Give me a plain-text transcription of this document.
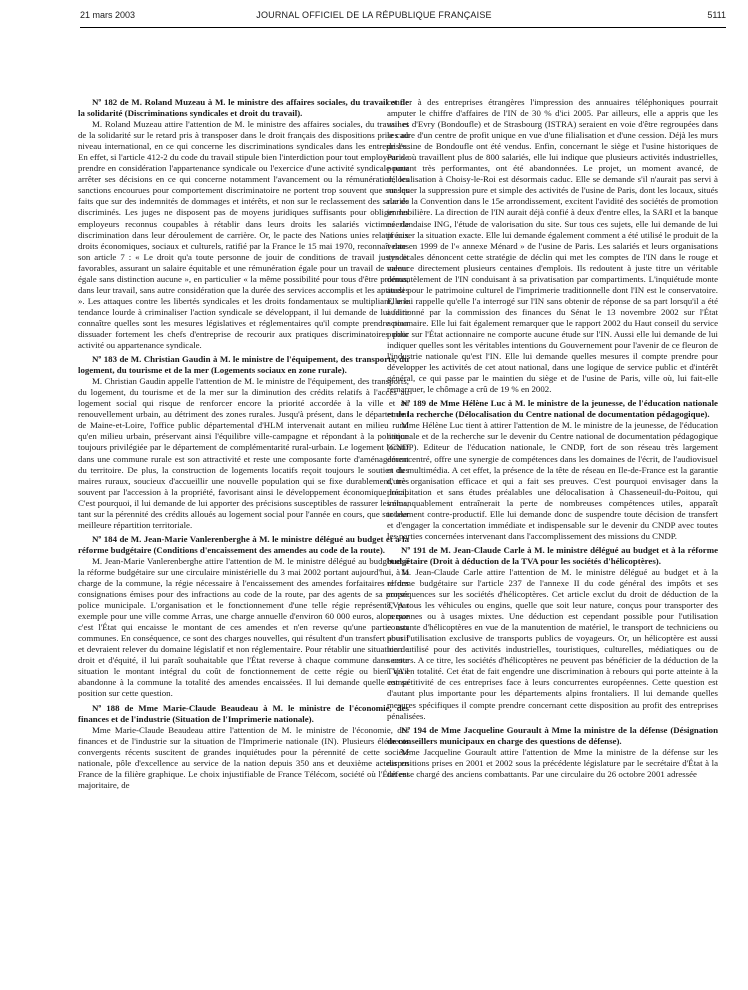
21 mars 2003	JOURNAL OFFICIEL DE LA RÉPUBLIQUE FRANÇAISE	5111

Nº 182 de M. Roland Muzeau à M. le ministre des affaires sociales, du travail et de la solidarité (Discriminations syndicales et droit du travail).

M. Roland Muzeau attire l'attention de M. le ministre des affaires sociales, du travail et de la solidarité sur le retard pris à transposer dans le droit français des dispositions prises au niveau international, en ce qui concerne les discriminations syndicales dans les entreprises. En effet, si l'article 412-2 du code du travail stipule bien l'interdiction pour tout employeur de prendre en considération l'appartenance syndicale ou l'exercice d'une activité syndicale pour arrêter ses décisions en ce qui concerne notamment l'avancement ou la rémunération, les sanctions encourues pour comportement discriminatoire ne portent trop souvent que sur les faits que sur des indemnités de dommages et intérêts, et non sur le reclassement des salariés discriminés. Les juges ne disposent pas de moyens juridiques suffisants pour obliger les employeurs reconnus coupables à rétablir dans leurs droits les salariés victimes de discrimination dans leur déroulement de carrière. Or, le pacte des Nations unies relatif aux droits économiques, sociaux et culturels, ratifié par la France le 15 mai 1970, reconnaît dans son article 7 : « Le droit qu'a toute personne de jouir de conditions de travail justes et favorables, assurant un salaire équitable et une rémunération égale pour un travail de valeur égale sans distinction aucune », en particulier « la même possibilité pour tous d'être promus, dans leur travail, sans autre considération que la durée des services accomplis et les aptitudes ». Les attaques contre les libertés syndicales et les droits fondamentaux se multipliant, une tendance lourde à criminaliser l'action syndicale se développant, il lui demande de lui faire connaître quelles sont les mesures législatives et réglementaires qu'il compte prendre pour dissuader fortement les chefs d'entreprise de recourir aux pratiques discriminatoires pour activité ou appartenance syndicale.

Nº 183 de M. Christian Gaudin à M. le ministre de l'équipement, des transports, du logement, du tourisme et de la mer (Logements sociaux en zone rurale).

M. Christian Gaudin appelle l'attention de M. le ministre de l'équipement, des transports, du logement, du tourisme et de la mer sur la diminution des crédits relatifs à l'accès au logement social qui risque de renforcer encore la priorité accordée à la ville et au renouvellement urbain, au détriment des zones rurales. Jusqu'à présent, dans le département de Maine-et-Loire, l'office public départemental d'HLM intervenait autant en milieu rural qu'en milieu urbain, préservant ainsi l'équilibre ville-campagne et répondant à la politique toujours privilégiée par le département de complémentarité rural-urbain. Le logement locatif dans une commune rurale est son attractivité et reste une composante forte d'aménagement du territoire. De plus, la construction de logements locatifs reçoit toujours le soutien des maires ruraux, soucieux d'accueillir une nouvelle population qui se fixe durablement, très souvent par l'accession à la propriété, favorisant ainsi le développement économique local. C'est pourquoi, il lui demande de lui apporter des précisions susceptibles de rassurer les élus, tant sur la pérennité des crédits alloués au logement social pour l'année en cours, que sur leur meilleure répartition territoriale.

Nº 184 de M. Jean-Marie Vanlerenberghe à M. le ministre délégué au budget et à la réforme budgétaire (Conditions d'encaissement des amendes au code de la route).

M. Jean-Marie Vanlerenberghe attire l'attention de M. le ministre délégué au budget et à la réforme budgétaire sur une circulaire ministérielle du 3 mai 2002 portant aujourd'hui, à la charge de la commune, la régie nécessaire à l'encaissement des amendes forfaitaires et des consignations émises pour des infractions au code de la route, par des agents de sa propre police municipale. L'organisation et le fonctionnement d'une telle régie représente, par exemple pour une ville comme Arras, une charge annuelle d'environ 60 000 euros, alors que c'est l'État qui encaisse le montant de ces amendes et n'en reverse qu'une partie aux communes. En conséquence, ce sont des charges nouvelles, qui résultent d'un transfert abusif et devraient relever du domaine législatif et non réglementaire. Pour rétablir une situation de droit et d'équité, il lui paraît souhaitable que l'État reverse à chaque commune dans cette situation le montant intégral du coût de fonctionnement de cette régie ou bien qu'il abandonne à la commune la totalité des amendes encaissées. Il lui demande quelle est sa position sur cette question.

Nº 188 de Mme Marie-Claude Beaudeau à M. le ministre de l'économie, des finances et de l'industrie (Situation de l'Imprimerie nationale).

Mme Marie-Claude Beaudeau attire l'attention de M. le ministre de l'économie, des finances et de l'industrie sur la situation de l'Imprimerie nationale (IN). Plusieurs éléments convergents récents suscitent de grandes inquiétudes pour la pérennité de cette société nationale, pôle d'excellence au service de la nation depuis 350 ans et deuxième acteur en France de la filière graphique. Le choix injustifiable de France Télécom, société où l'État est majoritaire, de

confier à des entreprises étrangères l'impression des annuaires téléphoniques pourrait amputer le chiffre d'affaires de l'IN de 30 % d'ici 2005. Par ailleurs, elle a appris que les usines d'Evry (Bondoufle) et de Strasbourg (ISTRA) seraient en voie d'être regroupées dans le cadre d'un centre de profit unique en vue d'une filialisation et d'une cession. Déjà les murs de l'usine de Bondoufle ont été vendus. Enfin, concernant le siège et l'usine historiques de Paris où travaillent plus de 800 salariés, elle lui indique que plusieurs activités industrielles, pourtant très performantes, ont été abandonnées. Le projet, un moment avancé, de délocalisation à Choisy-le-Roi est désormais caduc. Elle se demande s'il n'aurait pas servi à masquer la suppression pure et simple des activités de l'usine de Paris, dont les locaux, situés rue de la Convention dans le 15e arrondissement, excitent l'avidité des sociétés de promotion immobilière. La direction de l'IN aurait déjà confié à deux d'entre elles, la SARI et la banque néerlandaise ING, l'étude de valorisation du site. Sur tous ces sujets, elle lui demande de lui préciser la situation exacte. Elle lui demande également comment a été utilisé le produit de la vente en 1999 de l'« annexe Ménard » de l'usine de Paris. Les salariés et leurs organisations syndicales dénoncent cette stratégie de déclin qui met les comptes de l'IN dans le rouge et menace directement plusieurs centaines d'emplois. Ils redoutent à juste titre un véritable démantèlement de l'IN conduisant à sa privatisation par compartiments. L'inquiétude monte aussi pour le patrimoine culturel de l'imprimerie traditionnelle dont l'IN est le conservatoire. Elle lui rappelle qu'elle l'a interrogé sur l'IN sans obtenir de réponse de sa part lorsqu'il a été auditionné par la commission des finances du Sénat le 13 novembre 2002 sur l'État actionnaire. Elle lui fait également remarquer que le rapport 2002 du Haut conseil du service public sur l'État actionnaire ne comporte aucune étude sur l'IN. Aussi elle lui demande de lui indiquer quelles sont les véritables intentions du Gouvernement pour l'avenir de ce fleuron de l'industrie nationale qu'est l'IN. Elle lui demande quelles mesures il compte prendre pour développer les activités de cet atout national, dans une logique de service public et d'intérêt général, ce qui passe par le maintien du siège et de l'usine de Paris, ville où, lui fait-elle remarquer, le chômage a crû de 19 % en 2002.

Nº 189 de Mme Hélène Luc à M. le ministre de la jeunesse, de l'éducation nationale et de la recherche (Délocalisation du Centre national de documentation pédagogique).

Mme Hélène Luc tient à attirer l'attention de M. le ministre de la jeunesse, de l'éducation nationale et de la recherche sur le devenir du Centre national de documentation pédagogique (CNDP). Editeur de l'éducation nationale, le CNDP, fort de son réseau très largement déconcentré, offre une synergie de compétences dans les domaines de l'écrit, de l'audiovisuel et du multimédia. A cet effet, la présence de la tête de réseau en Ile-de-France est la garantie d'une organisation efficace et qui a fait ses preuves. C'est pourquoi envisager dans la précipitation et sans études préalables une délocalisation à Chasseneuil-du-Poitou, qui immanquablement entraînerait la perte de nombreuses compétences utiles, apparaît totalement contre-productif. Elle lui demande donc de suspendre toute décision de transfert et d'engager la concertation immédiate et indispensable sur le devenir du CNDP avec toutes les parties concernées intervenant dans l'accomplissement des missions du CNDP.

Nº 191 de M. Jean-Claude Carle à M. le ministre délégué au budget et à la réforme budgétaire (Droit à déduction de la TVA pour les sociétés d'hélicoptères).

M. Jean-Claude Carle attire l'attention de M. le ministre délégué au budget et à la réforme budgétaire sur l'article 237 de l'annexe II du code général des impôts et ses conséquences sur les sociétés d'hélicoptères. Cet article exclut du droit de déduction de la TVA tous les véhicules ou engins, quelle que soit leur nature, conçus pour transporter des personnes ou à usages mixtes. Une déduction est cependant possible pour l'utilisation constante d'hélicoptères en vue de la manutention de matériel, le transport de techniciens ou pour l'utilisation exclusive de transports publics de voyageurs. Or, un hélicoptère est aussi bien utilisé pour des activités industrielles, touristiques, culturelles, médiatiques ou de secours. A ce titre, les sociétés d'hélicoptères ne peuvent pas bénéficier de la déduction de la TVA en totalité. Cet état de fait engendre une discrimination à rebours qui porte atteinte à la compétitivité de ces entreprises face à leurs concurrentes européennes. Cette question est d'autant plus importante pour les départements alpins frontaliers. Il lui demande quelles mesures spécifiques il compte prendre concernant cette disposition au profit des entreprises pénalisées.

Nº 194 de Mme Jacqueline Gourault à Mme la ministre de la défense (Désignation de conseillers municipaux en charge des questions de défense).

Mme Jacqueline Gourault attire l'attention de Mme la ministre de la défense sur les dispositions prises en 2001 et 2002 sous la précédente législature par le secrétaire d'État à la défense chargé des anciens combattants. Par une circulaire du 26 octobre 2001 adressée
